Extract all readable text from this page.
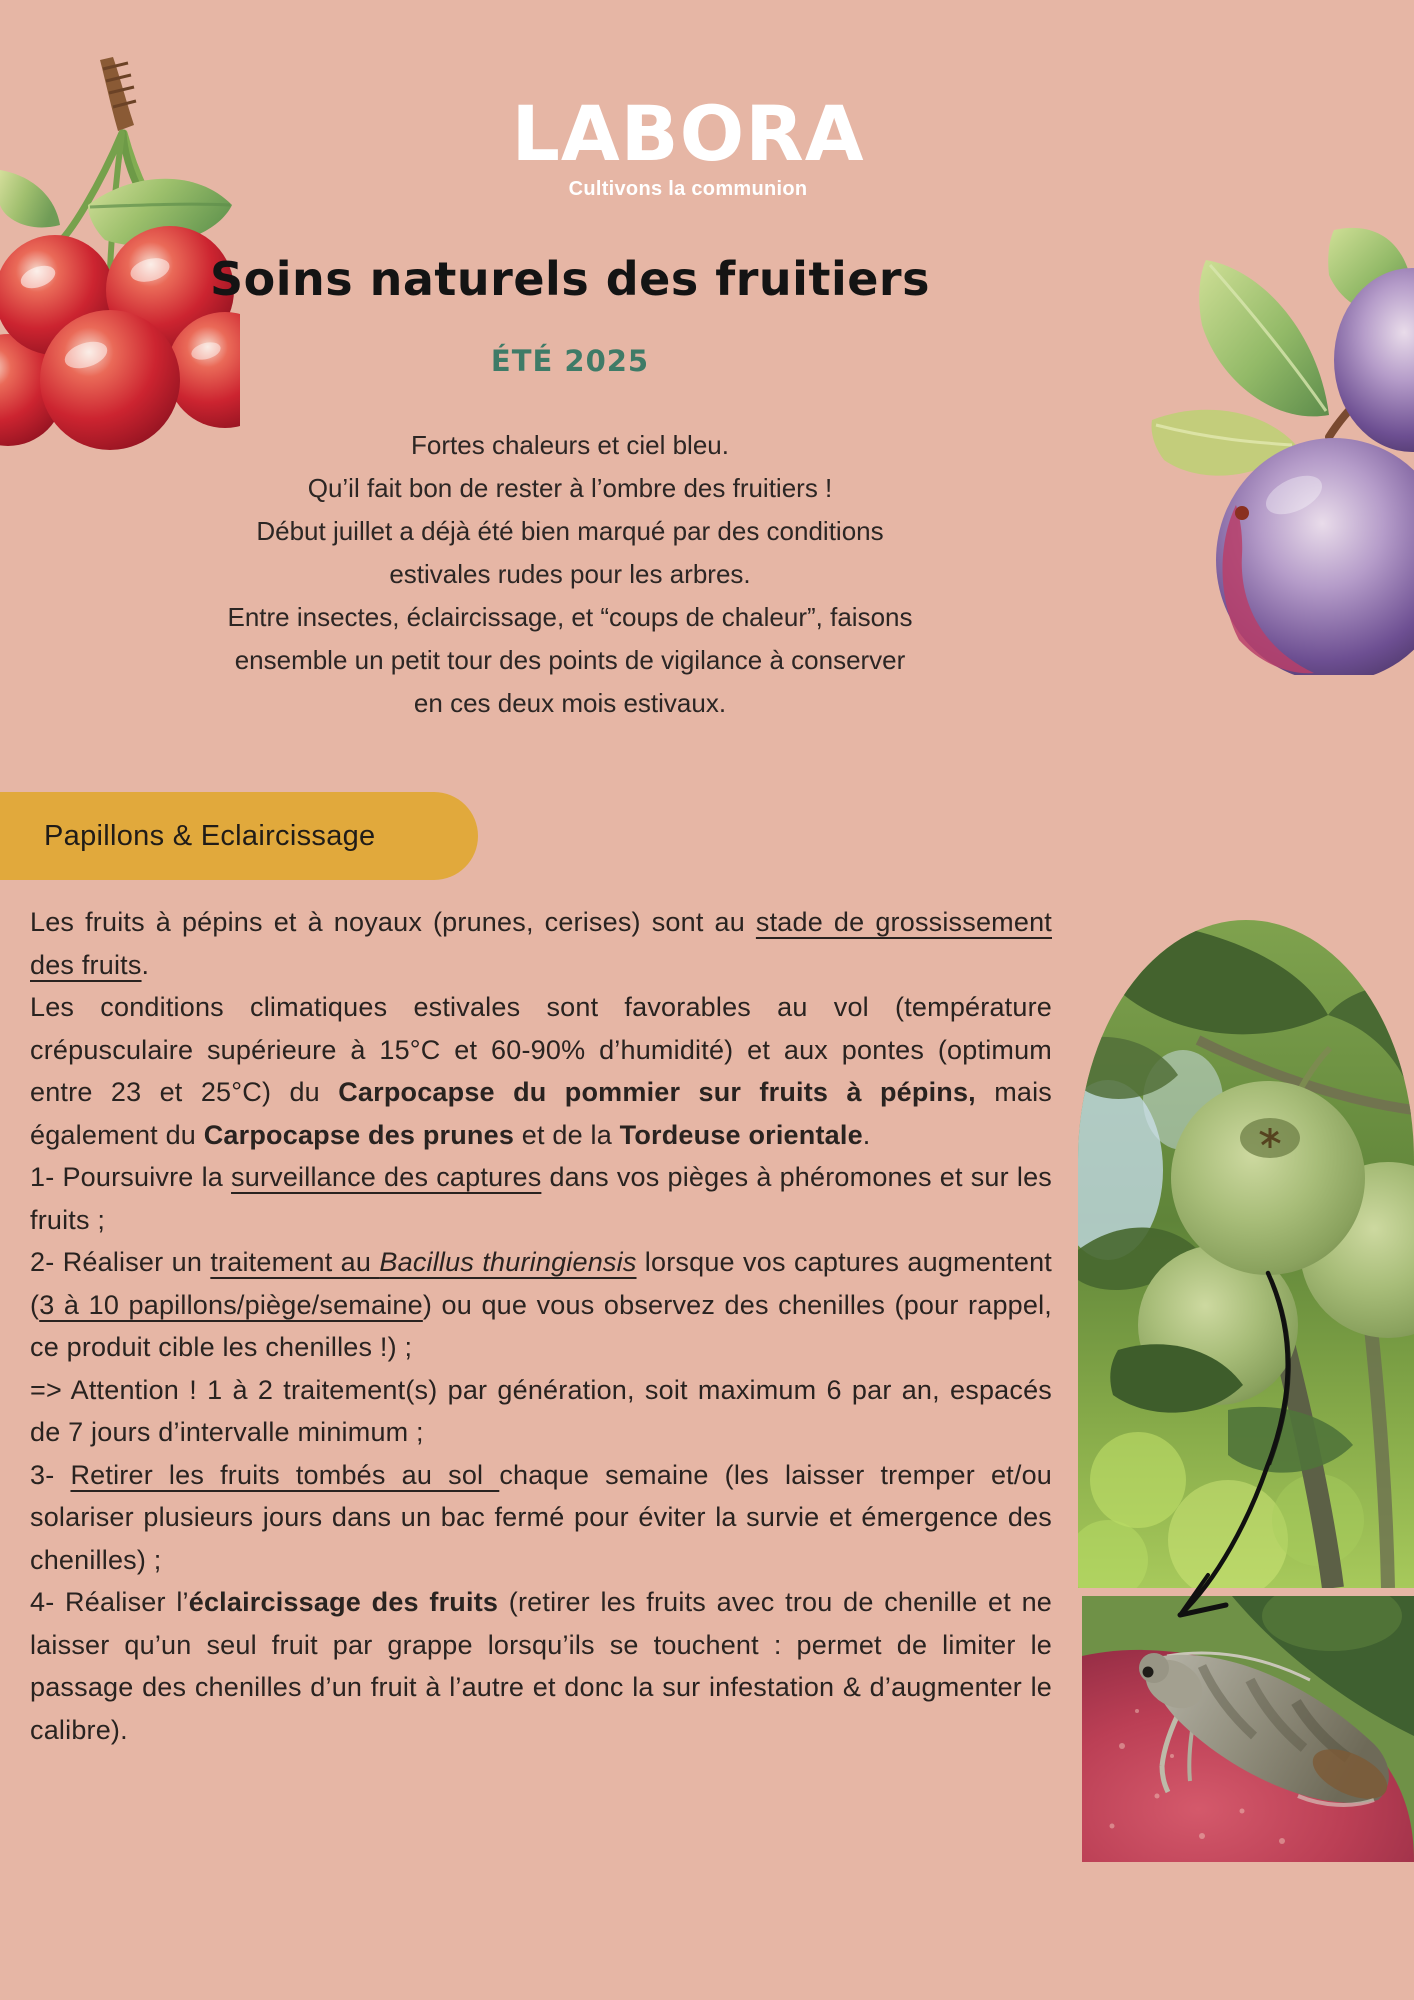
LABORA
Cultivons la communion
Soins naturels des fruitiers
ÉTÉ 2025
Fortes chaleurs et ciel bleu.
Qu’il fait bon de rester à l’ombre des fruitiers !
Début juillet a déjà été bien marqué par des conditions
estivales rudes pour les arbres.
Entre insectes, éclaircissage, et “coups de chaleur”, faisons
ensemble un petit tour des points de vigilance à conserver
en ces deux mois estivaux.
Papillons & Eclaircissage
Les fruits à pépins et à noyaux (prunes, cerises) sont au stade de grossissement des fruits.
Les conditions climatiques estivales sont favorables au vol (température crépusculaire supérieure à 15°C et 60-90% d’humidité) et aux pontes (optimum entre 23 et 25°C) du Carpocapse du pommier sur fruits à pépins, mais également du Carpocapse des prunes et de la Tordeuse orientale.
1- Poursuivre la surveillance des captures dans vos pièges à phéromones et sur les fruits ;
2- Réaliser un traitement au Bacillus thuringiensis lorsque vos captures augmentent (3 à 10 papillons/piège/semaine) ou que vous observez des chenilles (pour rappel, ce produit cible les chenilles !) ;
=> Attention ! 1 à 2 traitement(s) par génération, soit maximum 6 par an, espacés de 7 jours d’intervalle minimum ;
3- Retirer les fruits tombés au sol chaque semaine (les laisser tremper et/ou solariser plusieurs jours dans un bac fermé pour éviter la survie et émergence des chenilles) ;
4- Réaliser l’éclaircissage des fruits (retirer les fruits avec trou de chenille et ne laisser qu’un seul fruit par grappe lorsqu’ils se touchent : permet de limiter le passage des chenilles d’un fruit à l’autre et donc la sur infestation & d’augmenter le calibre).
